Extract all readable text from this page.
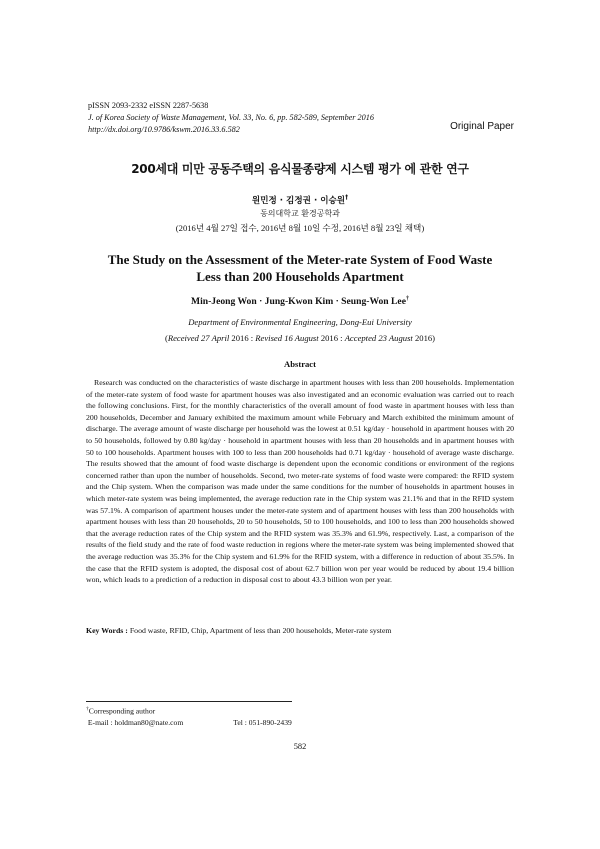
pISSN 2093-2332 eISSN 2287-5638
J. of Korea Society of Waste Management, Vol. 33, No. 6, pp. 582-589, September 2016
http://dx.doi.org/10.9786/kswm.2016.33.6.582	Original Paper
200세대 미만 공동주택의 음식물종량제 시스템 평가 에 관한 연구
원민정 · 김정권 · 이승원†
동의대학교 환경공학과
(2016년 4월 27일 접수, 2016년 8월 10일 수정, 2016년 8월 23일 채택)
The Study on the Assessment of the Meter-rate System of Food Waste
Less than 200 Households Apartment
Min-Jeong Won · Jung-Kwon Kim · Seung-Won Lee†
Department of Environmental Engineering, Dong-Eui University
(Received 27 April 2016 : Revised 16 August 2016 : Accepted 23 August 2016)
Abstract
Research was conducted on the characteristics of waste discharge in apartment houses with less than 200 households. Implementation of the meter-rate system of food waste for apartment houses was also investigated and an economic evaluation was carried out to reach the following conclusions. First, for the monthly characteristics of the overall amount of food waste in apartment houses with less than 200 households, December and January exhibited the maximum amount while February and March exhibited the minimum amount of discharge. The average amount of waste discharge per household was the lowest at 0.51 kg/day · household in apartment houses with 20 to 50 households, followed by 0.80 kg/day · household in apartment houses with less than 20 households and in apartment houses with 50 to 100 households. Apartment houses with 100 to less than 200 households had 0.71 kg/day · household of average waste discharge. The results showed that the amount of food waste discharge is dependent upon the economic conditions or environment of the regions concerned rather than upon the number of households. Second, two meter-rate systems of food waste were compared: the RFID system and the Chip system. When the comparison was made under the same conditions for the number of households in apartment houses in which meter-rate system was being implemented, the average reduction rate in the Chip system was 21.1% and that in the RFID system was 57.1%. A comparison of apartment houses under the meter-rate system and of apartment houses with less than 200 households with apartment houses with less than 20 households, 20 to 50 households, 50 to 100 households, and 100 to less than 200 households showed that the average reduction rates of the Chip system and the RFID system was 35.3% and 61.9%, respectively. Last, a comparison of the results of the field study and the rate of food waste reduction in regions where the meter-rate system was being implemented showed that the average reduction was 35.3% for the Chip system and 61.9% for the RFID system, with a difference in reduction of about 35.5%. In the case that the RFID system is adopted, the disposal cost of about 62.7 billion won per year would be reduced by about 19.4 billion won, which leads to a prediction of a reduction in disposal cost to about 43.3 billion won per year.
Key Words : Food waste, RFID, Chip, Apartment of less than 200 households, Meter-rate system
†Corresponding author
E-mail : holdman80@nate.com	Tel : 051-890-2439
582
